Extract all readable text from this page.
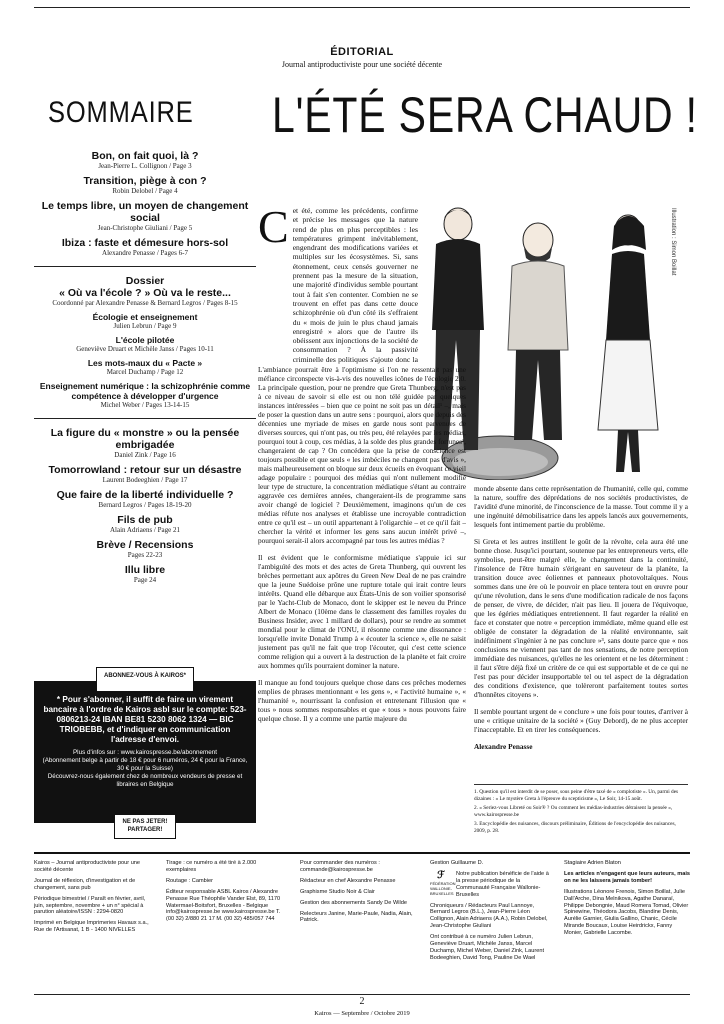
ÉDITORIAL
Journal antiproductiviste pour une société décente
SOMMAIRE
Bon, on fait quoi, là ?
Jean-Pierre L. Collignon / Page 3
Transition, piège à con ?
Robin Delobel / Page 4
Le temps libre, un moyen de changement social
Jean-Christophe Giuliani / Page 5
Ibiza : faste et démesure hors-sol
Alexandre Penasse / Pages 6-7
Dossier
« Où va l'école ? » Où va le reste...
Coordonné par Alexandre Penasse & Bernard Legros / Pages 8-15
Écologie et enseignement
Julien Lebrun / Page 9
L'école pilotée
Geneviève Druart et Michèle Janss / Pages 10-11
Les mots-maux du « Pacte »
Marcel Duchamp / Page 12
Enseignement numérique : la schizophrénie comme compétence à développer d'urgence
Michel Weber / Pages 13-14-15
La figure du « monstre » ou la pensée embrigadée
Daniel Zink / Page 16
Tomorrowland : retour sur un désastre
Laurent Bodeeghien / Page 17
Que faire de la liberté individuelle ?
Bernard Legros / Pages 18-19-20
Fils de pub
Alain Adriaens / Page 21
Brève / Recensions
Pages 22-23
Illu libre
Page 24
ABONNEZ-VOUS À KAIROS*
* Pour s'abonner, il suffit de faire un virement bancaire à l'ordre de Kairos asbl sur le compte: 523-0806213-24 IBAN BE81 5230 8062 1324 — BIC TRIOBEBB, et d'indiquer en communication l'adresse d'envoi.
Plus d'infos sur : www.kairospresse.be/abonnement
(Abonnement belge à partir de 18 € pour 6 numéros, 24 € pour la France, 30 € pour la Suisse)
Découvrez-nous également chez de nombreux vendeurs de presse et libraires en Belgique
NE PAS JETER! PARTAGER!
L'ÉTÉ SERA CHAUD !
Illustration : Simon Boillat
C et été, comme les précédents, confirme et précise les messages que la nature rend de plus en plus perceptibles : les températures grimpent inévitablement, engendrant des modifications variées et multiples sur les écosystèmes. Si, sans étonnement, ceux censés gouverner ne prennent pas la mesure de la situation, une majorité d'individus semble pourtant tout à fait s'en contenter. Combien ne se trouvent en effet pas dans cette douce schizophrénie où d'un côté ils s'effraient du « mois de juin le plus chaud jamais enregistré » alors que de l'autre ils obéissent aux injonctions de la société de consommation ? À la passivité criminelle des politiques s'ajoute donc la

L'ambiance pourrait être à l'optimisme si l'on ne ressentait pas une méfiance circonspecte vis-à-vis des nouvelles icônes de l'écologie 2.0. La principale question, pour ne prendre que Greta Thunberg, n'est pas à ce niveau de savoir si elle est ou non télé guidée par quelques instances intéressées – bien que ce point ne soit pas un détail¹ –, mais de poser la question dans un autre sens : pourquoi, alors que depuis des décennies une myriade de mises en garde nous sont parvenues de diverses sources, qui n'ont pas, ou très peu, été relayées par les médias, pourquoi tout à coup, ces médias, à la solde des plus grandes fortunes², changeraient de cap ? On concédera que la prise de conscience est toujours possible et que seuls « les imbéciles ne changent pas d'avis », mais malheureusement on bloque sur deux écueils en évoquant ce vieil adage populaire : pourquoi des médias qui n'ont nullement modifié leur type de structure, la concentration médiatique s'étant au contraire aggravée ces dernières années, changeraient-ils de programme sans avoir changé de logiciel ? Deuxièmement, imaginons qu'un de ces médias réfute nos analyses et établisse une incroyable contradiction entre ce qu'il est – un outil appartenant à l'oligarchie – et ce qu'il fait – chercher la vérité et informer les gens sans aucun intérêt privé –, pourquoi serait-il alors accompagné par tous les autres médias ?

Il est évident que le conformisme médiatique s'appuie ici sur l'ambiguïté des mots et des actes de Greta Thunberg, qui ouvrent les brèches permettant aux apôtres du Green New Deal de ne pas craindre que la jeune Suédoise prône une rupture totale qui irait contre leurs intérêts. Quand elle débarque aux États-Unis de son voilier sponsorisé par le Yacht-Club de Monaco, dont le skipper est le neveu du Prince Albert de Monaco (10ème dans le classement des familles royales du Business Insider, avec 1 millard de dollars), pour se rendre au sommet mondial pour le climat de l'ONU, il résonne comme une dissonance : lorsqu'elle invite Donald Trump à « écouter la science », elle ne saisit justement pas qu'il ne fait que trop l'écouter, qui c'est cette science comme religion qui a ouvert à la destruction de la planète et fait croire aux hommes qu'ils pourraient dominer la nature.

Il manque au fond toujours quelque chose dans ces prêches modernes emplies de phrases mentionnant « les gens », « l'activité humaine », « l'humanité », nourrissant la confusion et entretenant l'illusion que « tous » nous sommes responsables et que « tous » nous pouvons faire quelque chose. Il y a comme une partie majeure du

monde absente dans cette représentation de l'humanité, celle qui, comme la nature, souffre des déprédations de nos sociétés productivistes, de l'avidité d'une minorité, de l'inconscience de la masse. Tout comme il y a une ingénuité démobilisatrice dans les appels lancés aux gouvernements, lesquels font intimement partie du problème.

Si Greta et les autres instillent le goût de la révolte, cela aura été une bonne chose. Jusqu'ici pourtant, soutenue par les entrepreneurs verts, elle symbolise, peut-être malgré elle, le changement dans la continuité, l'insolence de l'être humain s'érigeant en sauveteur de la planète, la transition douce avec éoliennes et panneaux photovoltaïques. Nous sommes dans une ère où le pouvoir en place tentera tout en œuvre pour qu'une révolution, dans le sens d'une modification radicale de nos façons de penser, de vivre, de décider, n'ait pas lieu. Il jouera de l'équivoque, que les égéries médiatiques entretiennent. Il faut regarder la réalité en face et constater que notre « perception immédiate, même quand elle est obligée de constater la dégradation de la réalité environnante, sait indéfiniment s'ingénier à ne pas conclure »³, sans doute parce que « nos conclusions ne viennent pas tant de nos sensations, de notre perception immédiate des nuisances, qu'elles ne les orientent et ne les déterminent : il faut s'être déjà fixé un critère de ce qui est supportable et de ce qui ne l'est pas pour décider insupportable tel ou tel aspect de la dégradation des conditions d'existence, que tolèreront parfaitement toutes sortes d'honnêtes citoyens ».

Il semble pourtant urgent de « conclure » une fois pour toutes, d'arriver à une « critique unitaire de la société » (Guy Debord), de ne plus accepter l'inacceptable. Et en tirer les conséquences.

Alexandre Penasse

1. Question qu'il est interdit de se poser, sous peine d'être taxé de « complotiste ». Un, parmi des dizaines : « Le mystère Greta à l'épreuve du scepticisme », Le Soir, 14-15 août.
2. « Seriez-vous Libreté ou Soir® ? Ou comment les médias-industries détraisent la pensée », www.kairospresse.be
3. Encyclopédie des nuisances, discours préliminaire, Éditions de l'encyclopédie des nuisances, 2009, p. 28.
Kairos – Journal antiproductiviste pour une société décente
Journal de réflexion, d'investigation et de changement, sans pub
Périodique bimestriel / Paraît en février, avril, juin, septembre, novembre + un n° spécial à parution aléatoire/ISSN : 2294-0820
Imprimé en Belgique Imprimeries Havaux s.a., Rue de l'Artisanat, 1 B - 1400 NIVELLES
Tirage : ce numéro a été tiré à 2.000 exemplaires
Routage : Cambier
Éditeur responsable ASBL Kairos / Alexandre Penasse Rue Théophile Vander Elst, 89, 1170 Watermael-Boitsfort, Bruxelles - Belgique info@kairospresse.be www.kairospresse.be T. (00 32) 2/880 21 17 M. (00 32) 485/057 744
Pour commander des numéros : commande@kairospresse.be
Rédacteur en chef Alexandre Penasse
Graphisme Studio Noir & Clair
Gestion des abonnements Sandy De Wilde
Relecteurs Janine, Marie-Paule, Nadia, Alain, Patrick.
Gestion Guillaume D.
ℱ
FÉDÉRATION WALLONIE-BRUXELLES
Notre publication bénéficie de l'aide à la presse périodique de la Communauté Française Wallonie-Bruxelles
Chroniqueurs / Rédacteurs Paul Lannoye, Bernard Legros (B.L.), Jean-Pierre Léon Collignon, Alain Adriaens (A.A.), Robin Delobel, Jean-Christophe Giuliani
Ont contribué à ce numéro Julien Lebrun, Geneviève Druart, Michèle Janss, Marcel Duchamp, Michel Weber, Daniel Zink, Laurent Bodeeghien, David Tong, Pauline De Wael
Stagiaire Adrien Blaton
Les articles n'engagent que leurs auteurs, mais on ne les laissera jamais tomber!
Illustrations Léonore Frenois, Simon Boillat, Julie Dall'Arche, Dina Melnikova, Agathe Danaraï, Philippe Debongnie, Maud Romera Tomad, Olivier Spinewine, Théodora Jacobs, Blandine Denis, Aurélie Garnier, Giulia Gallino, Chanic, Cécile Mirande Boucaux, Louise Heirdrickx, Fanny Monier, Gabrielle Lacombe.
2
Kairos — Septembre / Octobre 2019
